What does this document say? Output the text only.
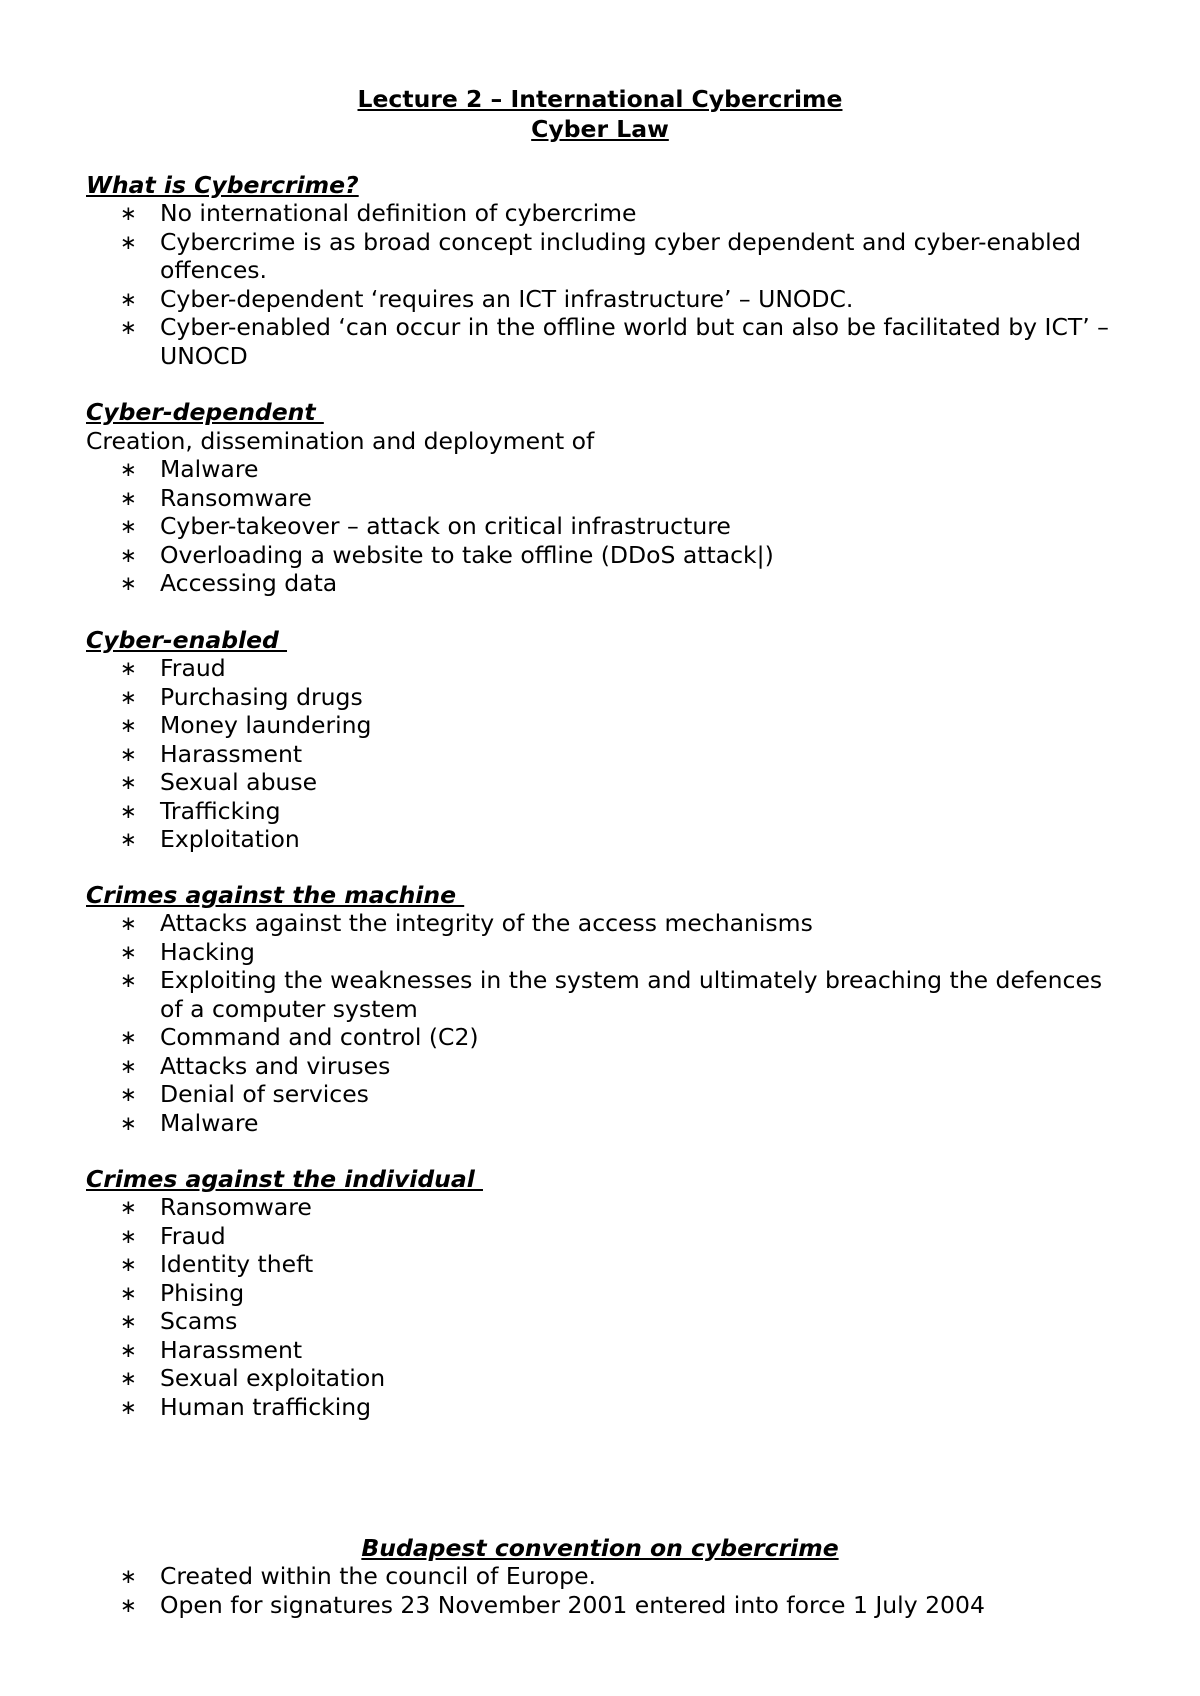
Lecture 2 – International Cybercrime
Cyber Law
What is Cybercrime?
∗ No international definition of cybercrime
∗ Cybercrime is as broad concept including cyber dependent and cyber-enabled offences.
∗ Cyber-dependent ‘requires an ICT infrastructure’ – UNODC.
∗ Cyber-enabled ‘can occur in the offline world but can also be facilitated by ICT’ – UNOCD
Cyber-dependent
Creation, dissemination and deployment of
∗ Malware
∗ Ransomware
∗ Cyber-takeover – attack on critical infrastructure
∗ Overloading a website to take offline (DDoS attack|)
∗ Accessing data
Cyber-enabled
∗ Fraud
∗ Purchasing drugs
∗ Money laundering
∗ Harassment
∗ Sexual abuse
∗ Trafficking
∗ Exploitation
Crimes against the machine
∗ Attacks against the integrity of the access mechanisms
∗ Hacking
∗ Exploiting the weaknesses in the system and ultimately breaching the defences of a computer system
∗ Command and control (C2)
∗ Attacks and viruses
∗ Denial of services
∗ Malware
Crimes against the individual
∗ Ransomware
∗ Fraud
∗ Identity theft
∗ Phising
∗ Scams
∗ Harassment
∗ Sexual exploitation
∗ Human trafficking
Budapest convention on cybercrime
∗ Created within the council of Europe.
∗ Open for signatures 23 November 2001 entered into force 1 July 2004
